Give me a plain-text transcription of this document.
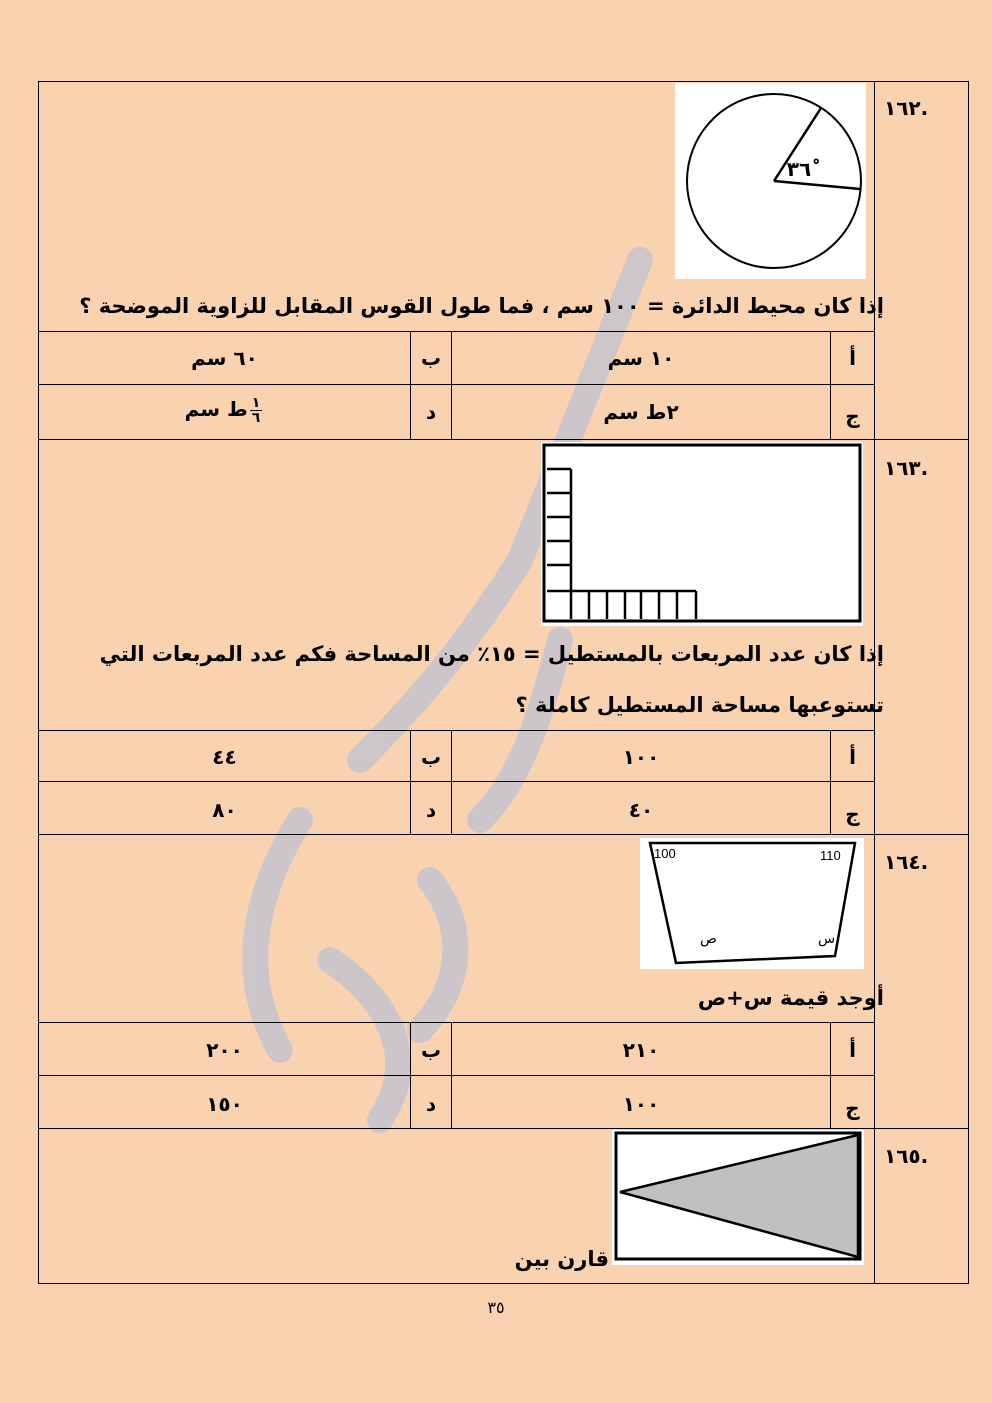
.١٦٢
٣٦ْ
إذا كان محيط الدائرة = ١٠٠ سم ، فما طول القوس المقابل للزاوية الموضحة ؟
أ
١٠ سم
ب
٦٠ سم
ج
٢ط سم
د
$\frac{١}{٦}$
ط سم
.١٦٣
إذا كان عدد المربعات بالمستطيل = ١٥٪ من المساحة فكم عدد المربعات التي
تستوعبها مساحة المستطيل كاملة ؟
أ
١٠٠
ب
٤٤
ج
٤٠
د
٨٠
.١٦٤
100	110
ص	س
أوجد قيمة س+ص
أ
٢١٠
ب
٢٠٠
ج
١٠٠
د
١٥٠
.١٦٥
قارن بين
٣٥
